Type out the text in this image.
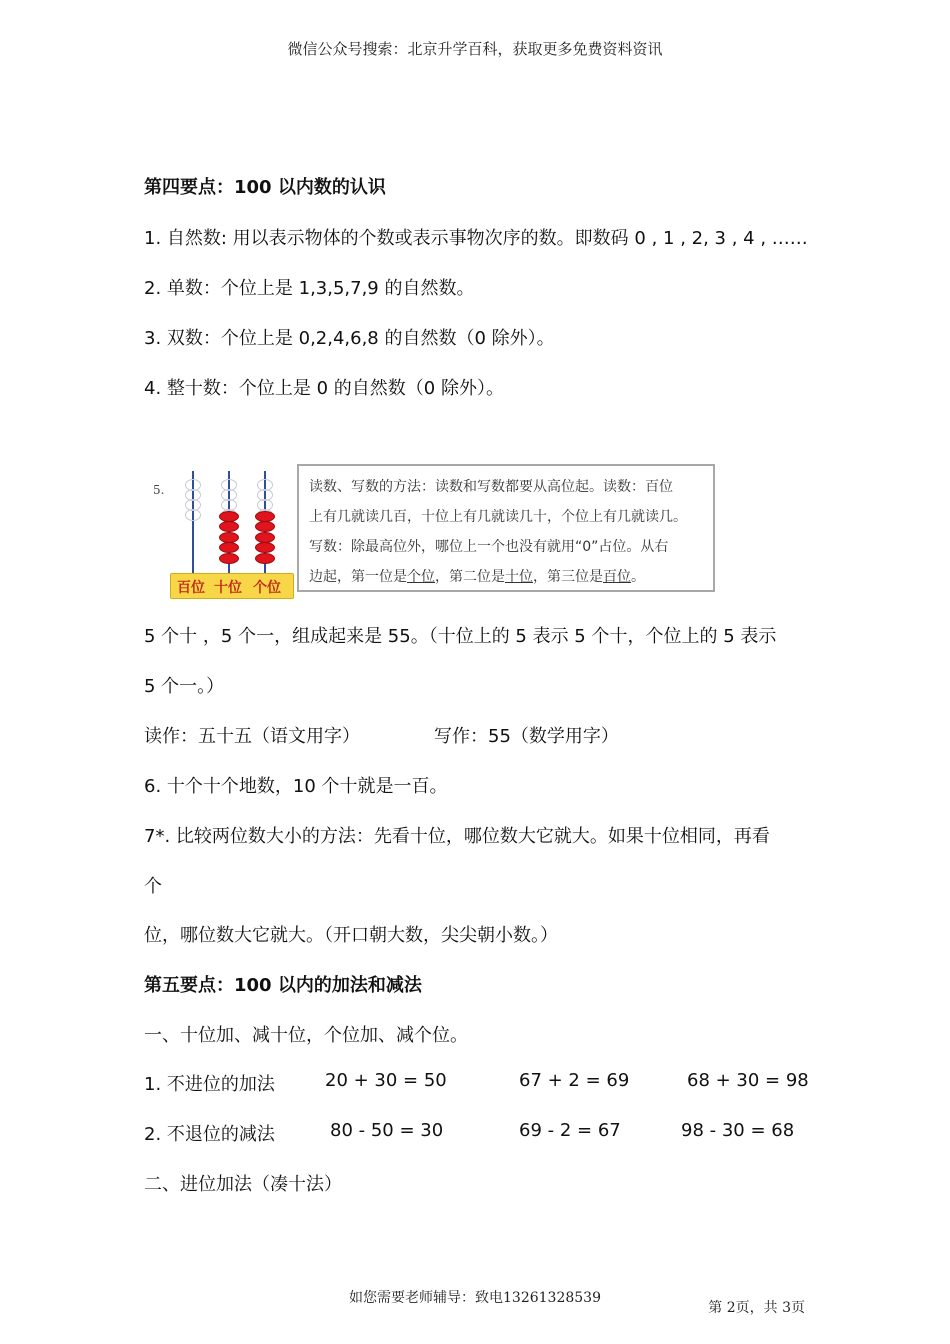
微信公众号搜索：北京升学百科，获取更多免费资料资讯
第四要点：100 以内数的认识
1. 自然数: 用以表示物体的个数或表示事物次序的数。即数码 0 , 1 , 2, 3 , 4 , ……
2. 单数：个位上是 1,3,5,7,9 的自然数。
3. 双数：个位上是 0,2,4,6,8 的自然数（0 除外）。
4. 整十数：个位上是 0 的自然数（0 除外）。
5.
百位 十位 个位
读数、写数的方法：读数和写数都要从高位起。读数：百位
上有几就读几百，十位上有几就读几十，个位上有几就读几。
写数：除最高位外，哪位上一个也没有就用“0”占位。从右
边起，第一位是个位，第二位是十位，第三位是百位。
5 个十 ，5 个一，组成起来是 55。（十位上的 5 表示 5 个十，个位上的 5 表示
5 个一。）
读作：五十五（语文用字）	写作：55（数学用字）
6. 十个十个地数，10 个十就是一百。
7*. 比较两位数大小的方法：先看十位，哪位数大它就大。如果十位相同，再看
个
位，哪位数大它就大。（开口朝大数，尖尖朝小数。）
第五要点：100 以内的加法和减法
一、十位加、减十位，个位加、减个位。
1. 不进位的加法	20 + 30 = 50	67 + 2 = 69	68 + 30 = 98
2. 不退位的减法	80 - 50 = 30	69 - 2 = 67	98 - 30 = 68
二、进位加法（凑十法）
如您需要老师辅导：致电13261328539
第 2页，共 3页
